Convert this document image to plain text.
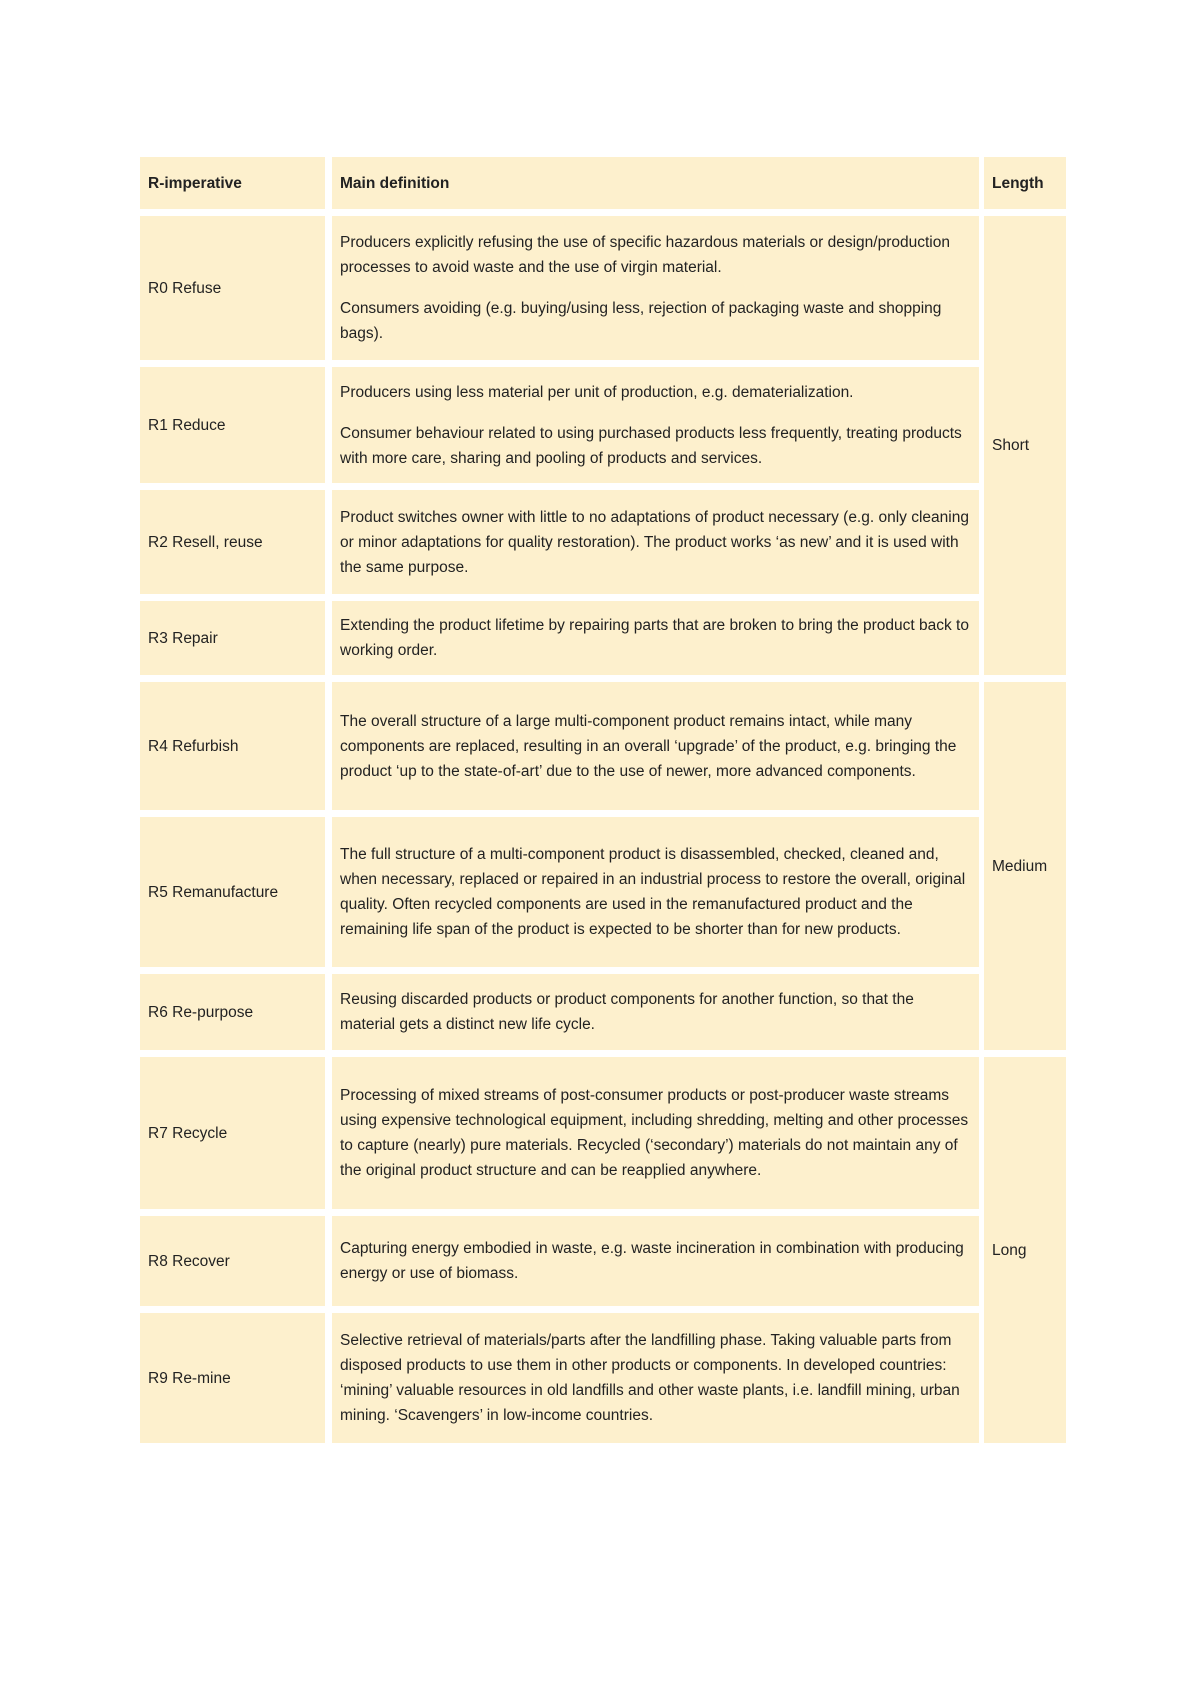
R-imperative	Main definition	Length
R0 Refuse	Producers explicitly refusing the use of specific hazardous materials or design/production processes to avoid waste and the use of virgin material.

Consumers avoiding (e.g. buying/using less, rejection of packaging waste and shopping bags).	Short
R1 Reduce	Producers using less material per unit of production, e.g. dematerialization.

Consumer behaviour related to using purchased products less frequently, treating products with more care, sharing and pooling of products and services.	

R2 Resell, reuse	Product switches owner with little to no adaptations of product necessary (e.g. only cleaning or minor adaptations for quality restoration). The product works ‘as new’ and it is used with the same purpose.	

R3 Repair	Extending the product lifetime by repairing parts that are broken to bring the product back to working order.	

R4 Refurbish	The overall structure of a large multi-component product remains intact, while many components are replaced, resulting in an overall ‘upgrade’ of the product, e.g. bringing the product ‘up to the state-of-art’ due to the use of newer, more advanced components.	Medium
R5 Remanufacture	The full structure of a multi-component product is disassembled, checked, cleaned and, when necessary, replaced or repaired in an industrial process to restore the overall, original quality. Often recycled components are used in the remanufactured product and the remaining life span of the product is expected to be shorter than for new products.	

R6 Re-purpose	Reusing discarded products or product components for another function, so that the material gets a distinct new life cycle.	

R7 Recycle	Processing of mixed streams of post-consumer products or post-producer waste streams using expensive technological equipment, including shredding, melting and other processes to capture (nearly) pure materials. Recycled (‘secondary’) materials do not maintain any of the original product structure and can be reapplied anywhere.	Long
R8 Recover	Capturing energy embodied in waste, e.g. waste incineration in combination with producing energy or use of biomass.	

R9 Re-mine	Selective retrieval of materials/parts after the landfilling phase. Taking valuable parts from disposed products to use them in other products or components. In developed countries: ‘mining’ valuable resources in old landfills and other waste plants, i.e. landfill mining, urban mining. ‘Scavengers’ in low-income countries.	
